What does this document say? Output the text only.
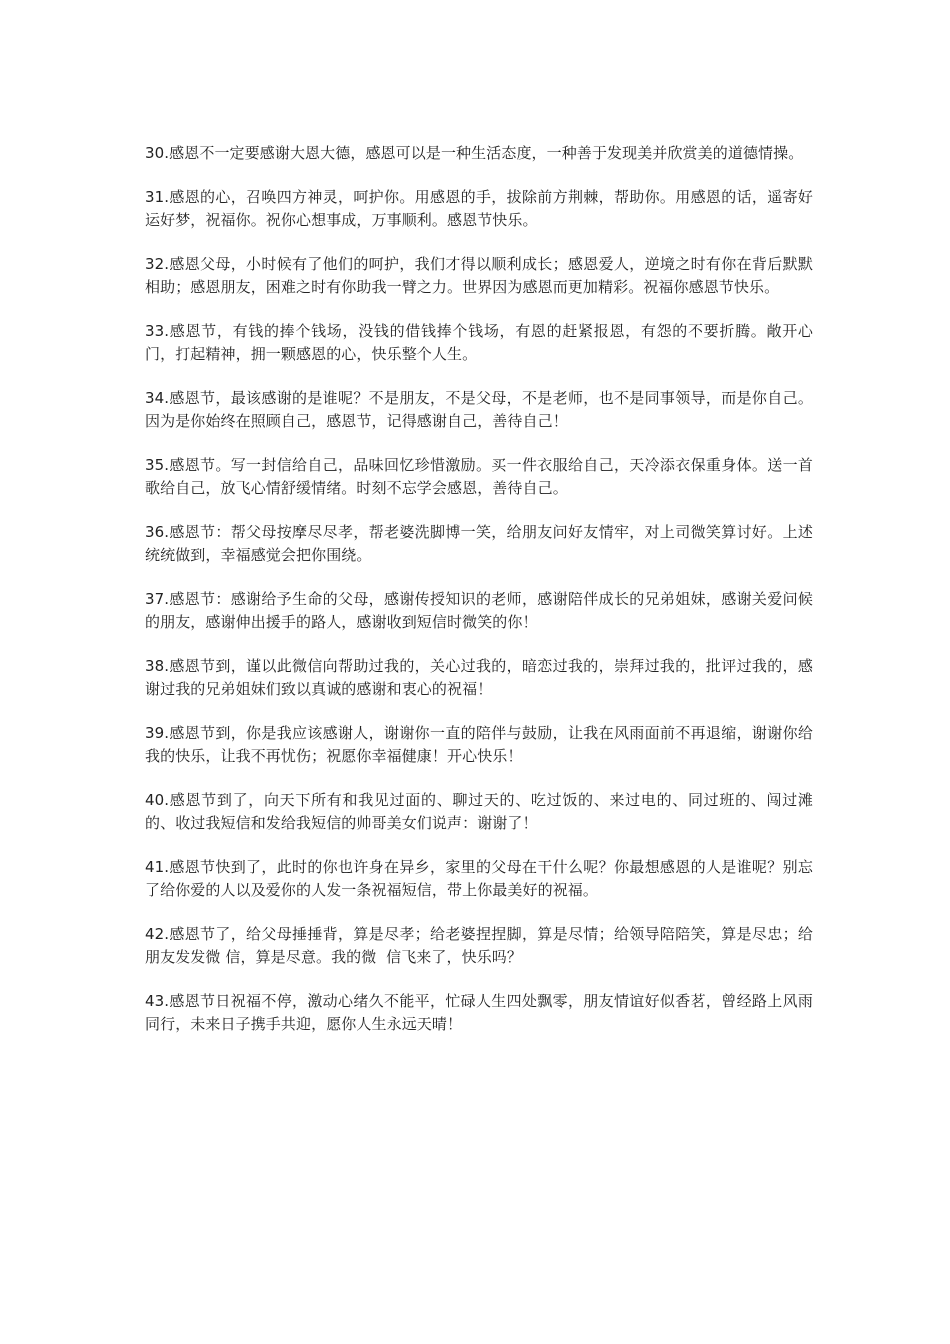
30.感恩不一定要感谢大恩大德，感恩可以是一种生活态度，一种善于发现美并欣赏美的道德情操。

31.感恩的心，召唤四方神灵，呵护你。用感恩的手，拔除前方荆棘，帮助你。用感恩的话，遥寄好运好梦，祝福你。祝你心想事成，万事顺利。感恩节快乐。

32.感恩父母，小时候有了他们的呵护，我们才得以顺利成长；感恩爱人，逆境之时有你在背后默默相助；感恩朋友，困难之时有你助我一臂之力。世界因为感恩而更加精彩。祝福你感恩节快乐。

33.感恩节，有钱的捧个钱场，没钱的借钱捧个钱场，有恩的赶紧报恩，有怨的不要折腾。敞开心门，打起精神，拥一颗感恩的心，快乐整个人生。

34.感恩节，最该感谢的是谁呢？不是朋友，不是父母，不是老师，也不是同事领导，而是你自己。因为是你始终在照顾自己，感恩节，记得感谢自己，善待自己！

35.感恩节。写一封信给自己，品味回忆珍惜激励。买一件衣服给自己，天冷添衣保重身体。送一首歌给自己，放飞心情舒缓情绪。时刻不忘学会感恩，善待自己。

36.感恩节：帮父母按摩尽尽孝，帮老婆洗脚博一笑，给朋友问好友情牢，对上司微笑算讨好。上述统统做到，幸福感觉会把你围绕。

37.感恩节：感谢给予生命的父母，感谢传授知识的老师，感谢陪伴成长的兄弟姐妹，感谢关爱问候的朋友，感谢伸出援手的路人，感谢收到短信时微笑的你！

38.感恩节到，谨以此微信向帮助过我的，关心过我的，暗恋过我的，崇拜过我的，批评过我的，感谢过我的兄弟姐妹们致以真诚的感谢和衷心的祝福！

39.感恩节到，你是我应该感谢人，谢谢你一直的陪伴与鼓励，让我在风雨面前不再退缩，谢谢你给我的快乐，让我不再忧伤；祝愿你幸福健康！开心快乐！

40.感恩节到了，向天下所有和我见过面的、聊过天的、吃过饭的、来过电的、同过班的、闯过滩的、收过我短信和发给我短信的帅哥美女们说声：谢谢了！

41.感恩节快到了，此时的你也许身在异乡，家里的父母在干什么呢？你最想感恩的人是谁呢？别忘了给你爱的人以及爱你的人发一条祝福短信，带上你最美好的祝福。

42.感恩节了，给父母捶捶背，算是尽孝；给老婆捏捏脚，算是尽情；给领导陪陪笑，算是尽忠；给朋友发发微 信，算是尽意。我的微  信飞来了，快乐吗？

43.感恩节日祝福不停，激动心绪久不能平，忙碌人生四处飘零，朋友情谊好似香茗，曾经路上风雨同行，未来日子携手共迎，愿你人生永远天晴！
